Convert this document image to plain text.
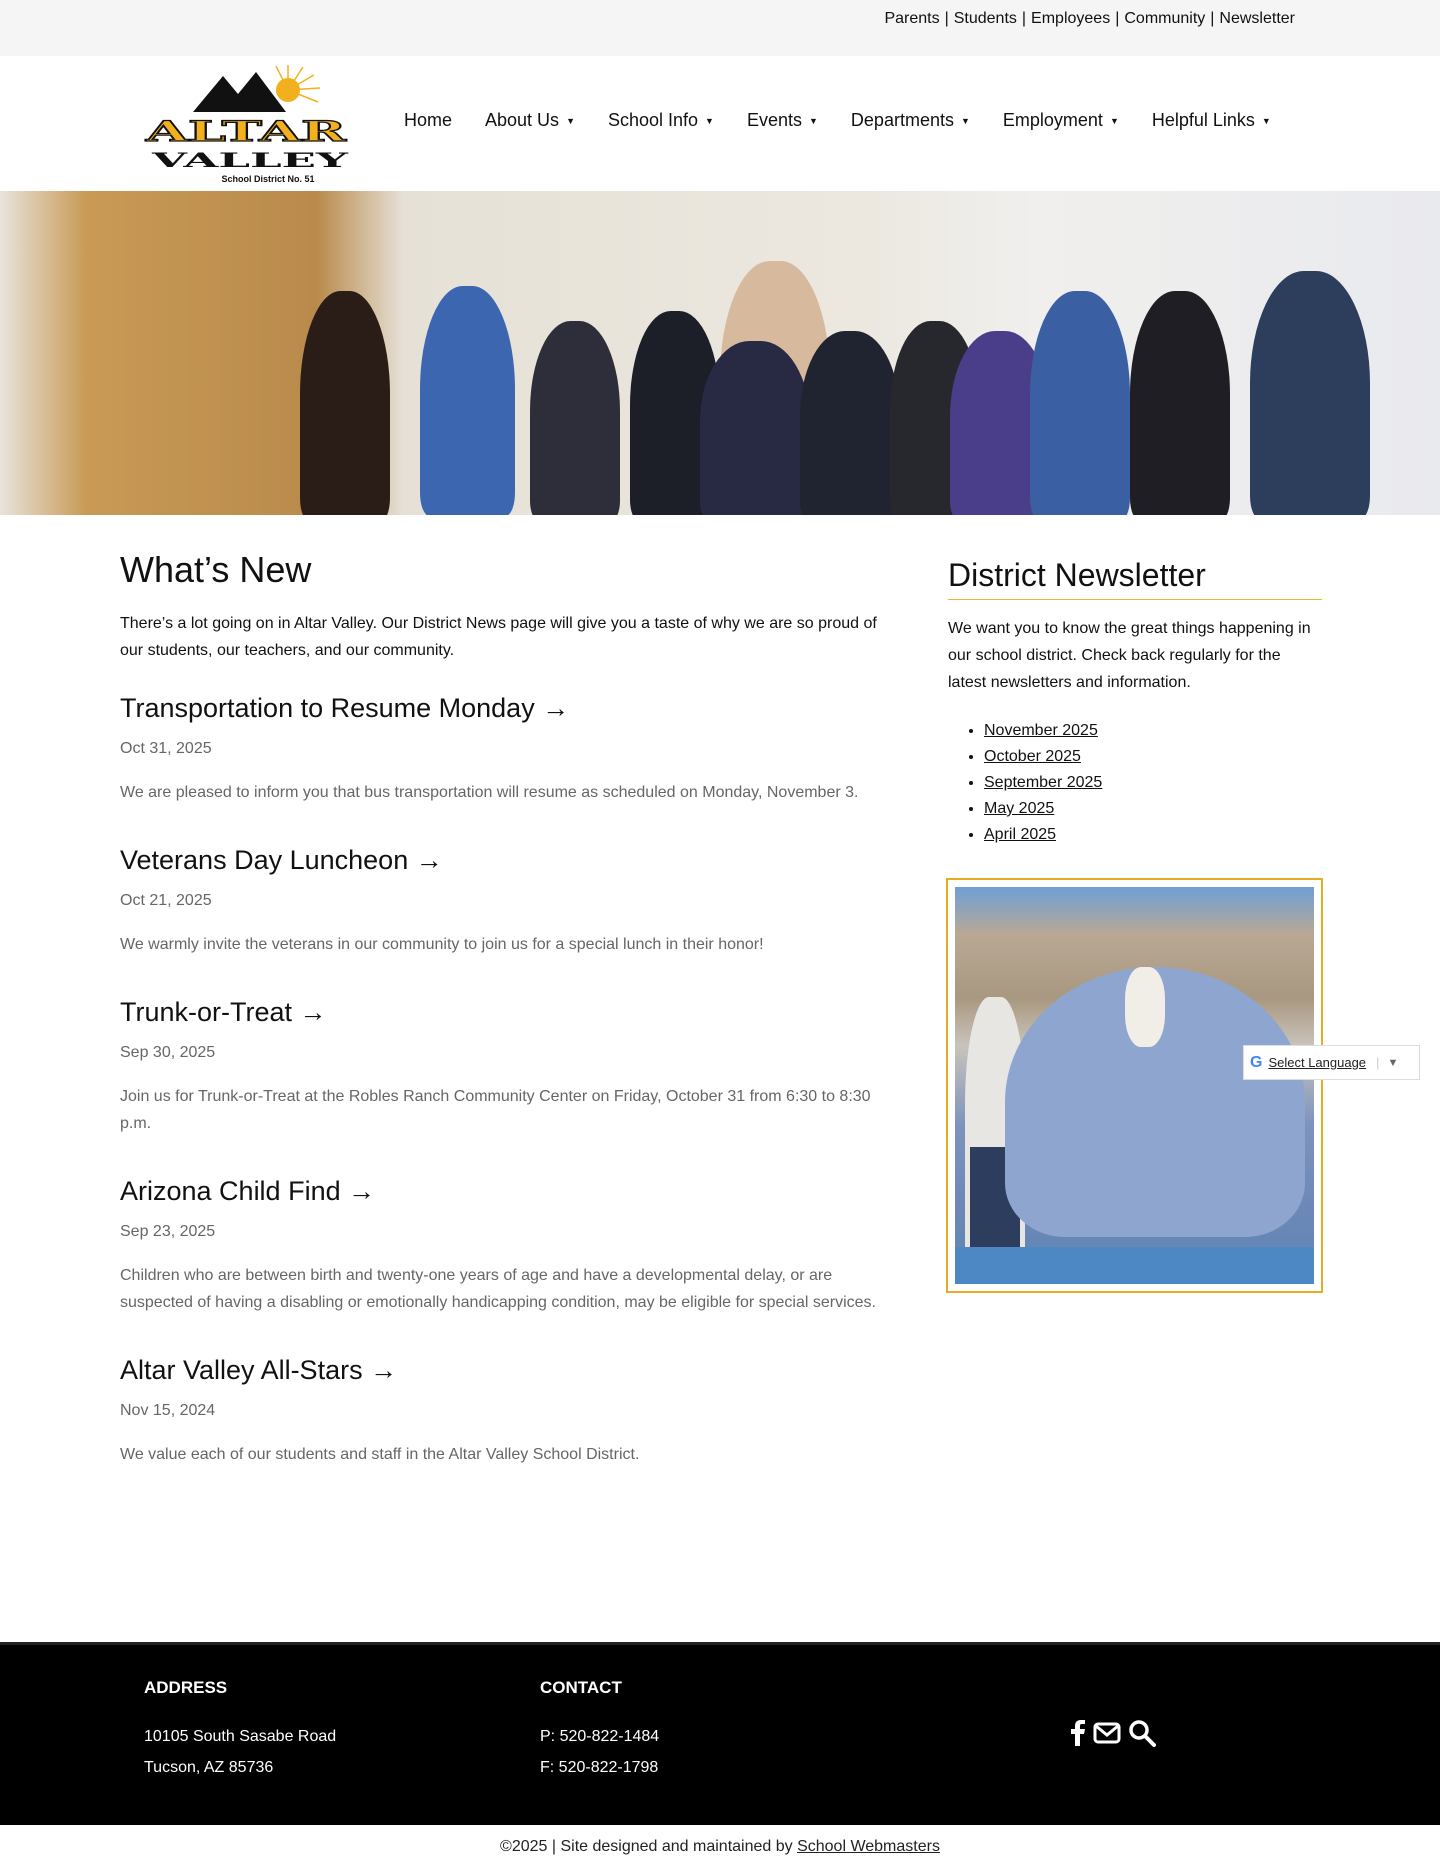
Parents | Students | Employees | Community | Newsletter
ALTAR
VALLEY
School District No. 51
Home About Us ▼ School Info ▼ Events ▼ Departments ▼ Employment ▼ Helpful Links ▼
What’s New

There’s a lot going on in Altar Valley. Our District News page will give you a taste of why we are so proud of our students, our teachers, and our community.

Transportation to Resume Monday →
Oct 31, 2025

We are pleased to inform you that bus transportation will resume as scheduled on Monday, November 3.

Veterans Day Luncheon →
Oct 21, 2025

We warmly invite the veterans in our community to join us for a special lunch in their honor!

Trunk-or-Treat →
Sep 30, 2025

Join us for Trunk-or-Treat at the Robles Ranch Community Center on Friday, October 31 from 6:30 to 8:30 p.m.

Arizona Child Find →
Sep 23, 2025

Children who are between birth and twenty-one years of age and have a developmental delay, or are suspected of having a disabling or emotionally handicapping condition, may be eligible for special services.

Altar Valley All-Stars →
Nov 15, 2024

We value each of our students and staff in the Altar Valley School District.

District Newsletter

We want you to know the great things happening in our school district. Check back regularly for the latest newsletters and information.

• November 2025
• October 2025
• September 2025
• May 2025
• April 2025
G Select Language | ▼
ADDRESS

10105 South Sasabe Road
Tucson, AZ 85736

CONTACT

P: 520-822-1484
F: 520-822-1798

©2025 | Site designed and maintained by School Webmasters
